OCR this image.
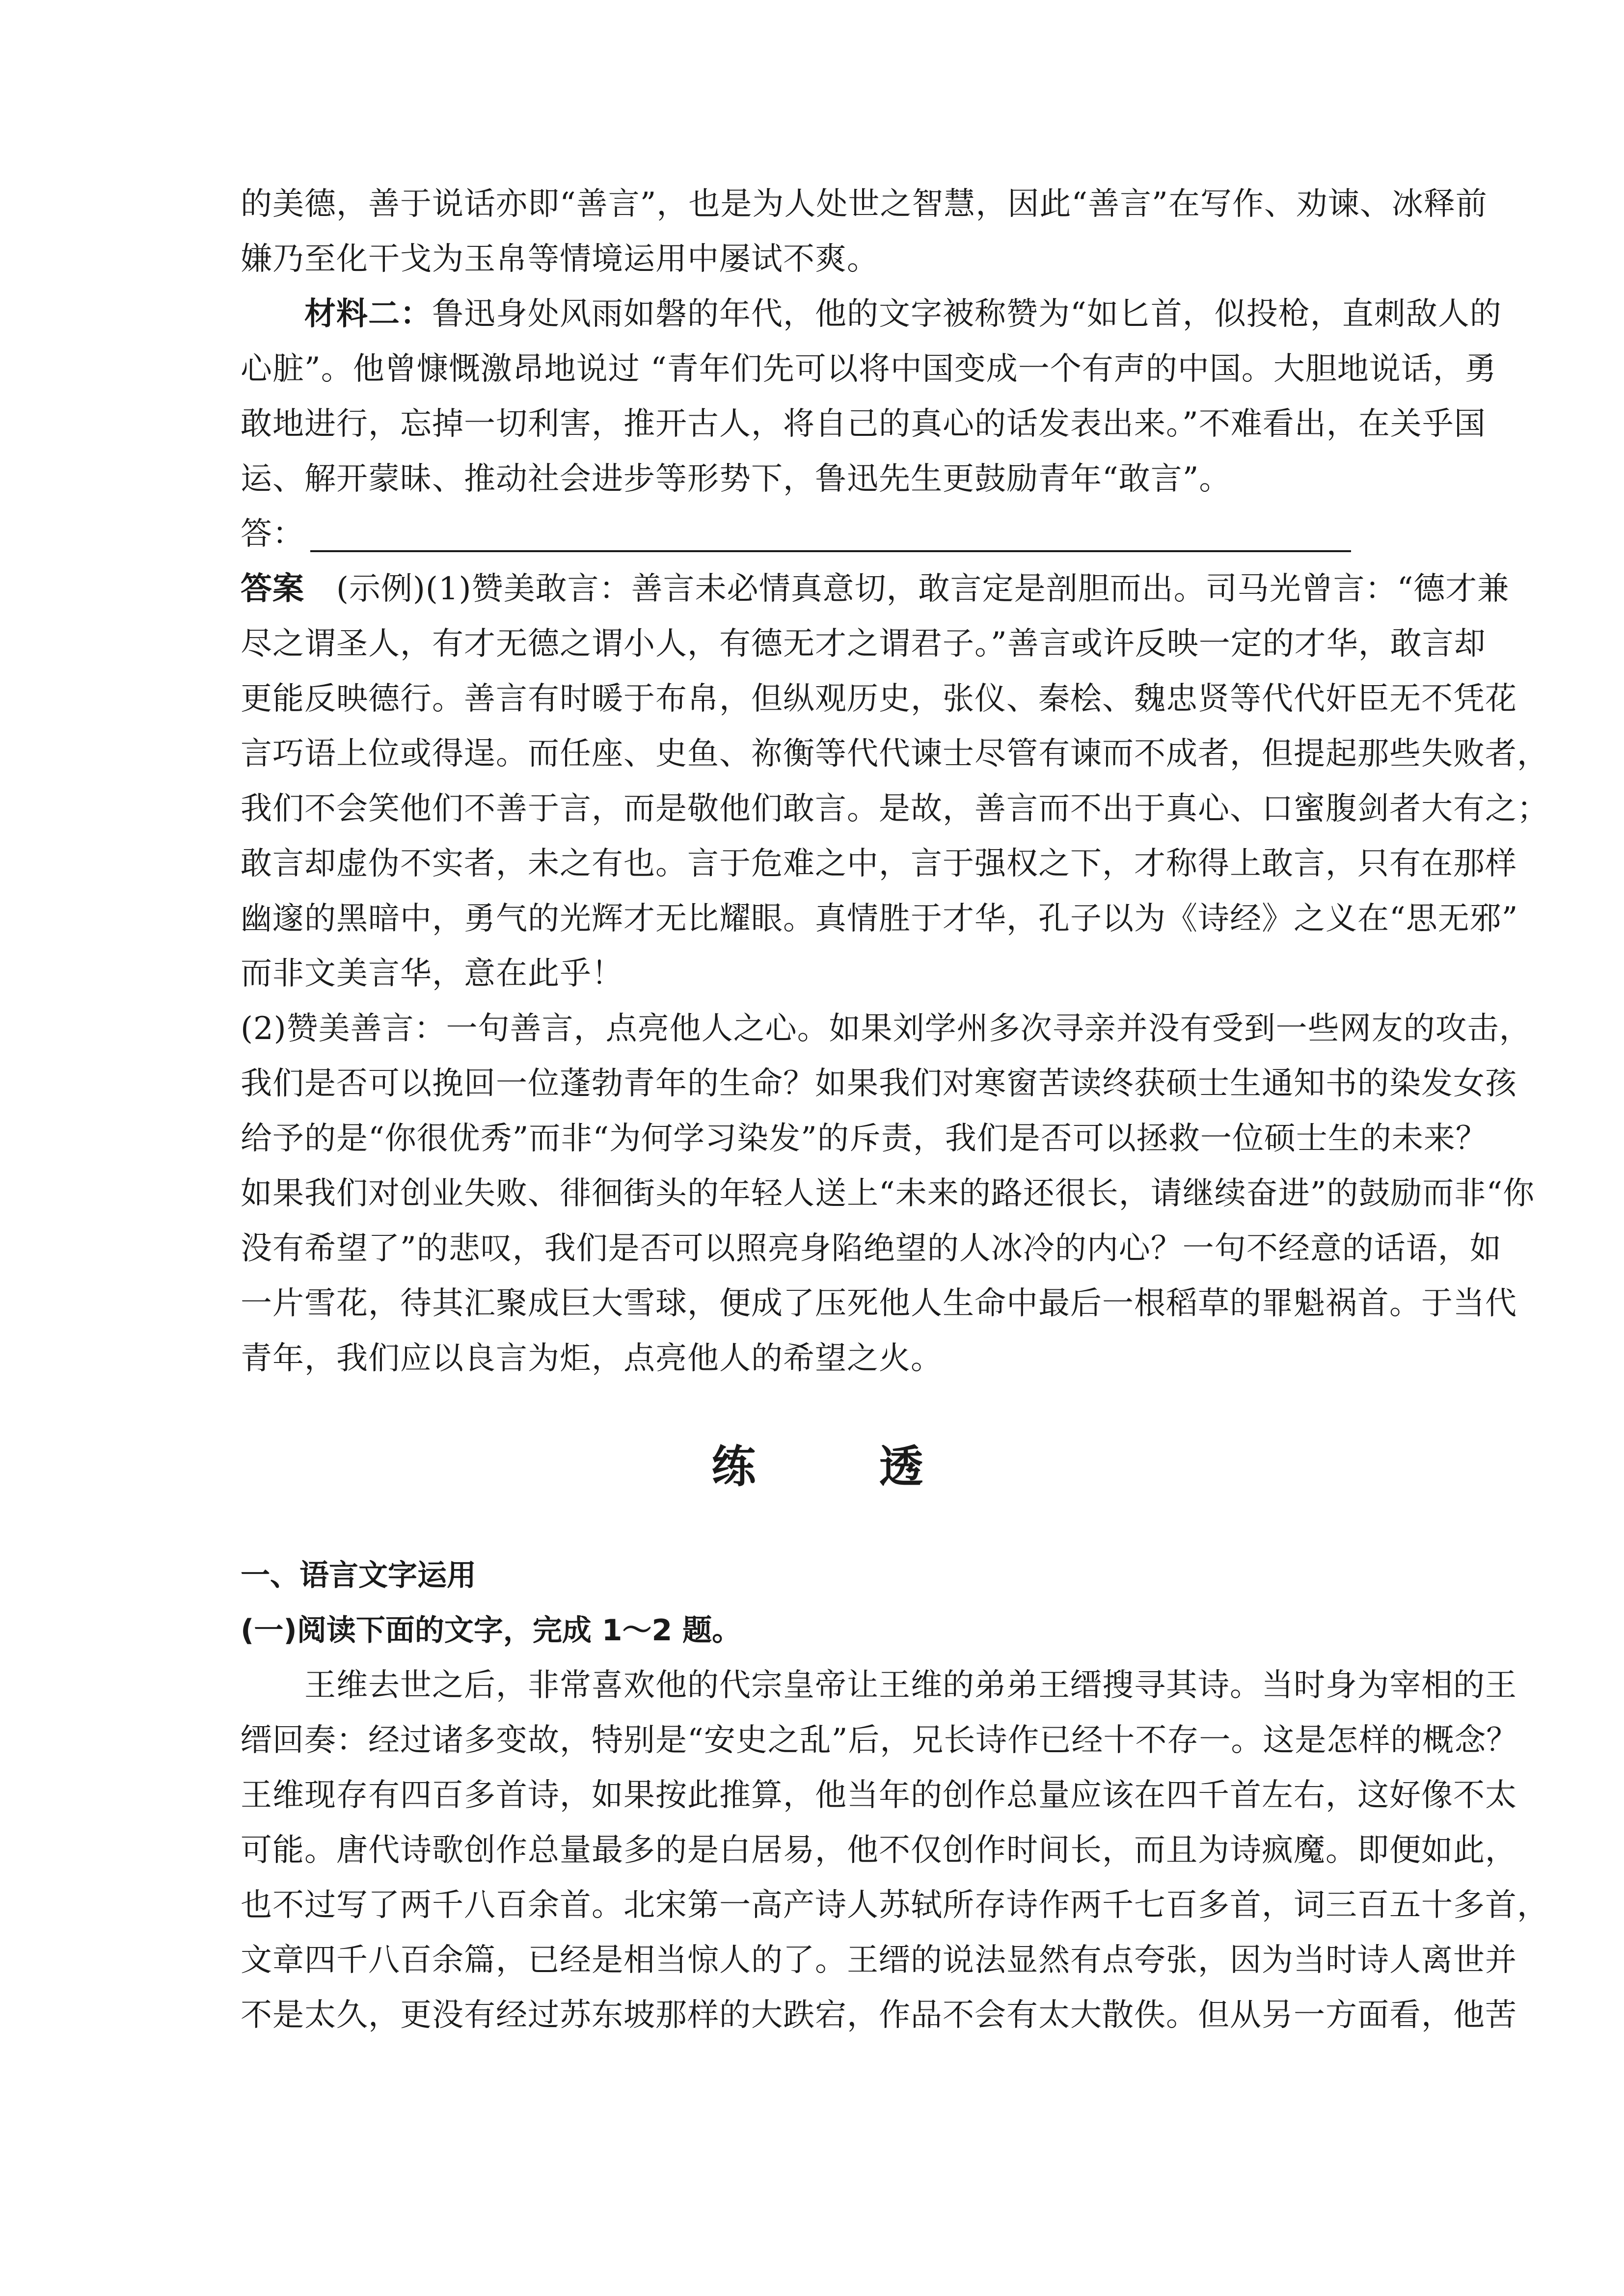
的美德，善于说话亦即“善言”，也是为人处世之智慧，因此“善言”在写作、劝谏、冰释前

嫌乃至化干戈为玉帛等情境运用中屡试不爽。

材料二：鲁迅身处风雨如磐的年代，他的文字被称赞为“如匕首，似投枪，直刺敌人的

心脏”。他曾慷慨激昂地说过 “青年们先可以将中国变成一个有声的中国。大胆地说话，勇

敢地进行，忘掉一切利害，推开古人，将自己的真心的话发表出来。”不难看出，在关乎国

运、解开蒙昧、推动社会进步等形势下，鲁迅先生更鼓励青年“敢言”。

答：

答案　(示例)(1)赞美敢言：善言未必情真意切，敢言定是剖胆而出。司马光曾言：“德才兼

尽之谓圣人，有才无德之谓小人，有德无才之谓君子。”善言或许反映一定的才华，敢言却

更能反映德行。善言有时暖于布帛，但纵观历史，张仪、秦桧、魏忠贤等代代奸臣无不凭花

言巧语上位或得逞。而任座、史鱼、祢衡等代代谏士尽管有谏而不成者，但提起那些失败者，

我们不会笑他们不善于言，而是敬他们敢言。是故，善言而不出于真心、口蜜腹剑者大有之；

敢言却虚伪不实者，未之有也。言于危难之中，言于强权之下，才称得上敢言，只有在那样

幽邃的黑暗中，勇气的光辉才无比耀眼。真情胜于才华，孔子以为《诗经》之义在“思无邪”

而非文美言华，意在此乎！

(2)赞美善言：一句善言，点亮他人之心。如果刘学州多次寻亲并没有受到一些网友的攻击，

我们是否可以挽回一位蓬勃青年的生命？如果我们对寒窗苦读终获硕士生通知书的染发女孩

给予的是“你很优秀”而非“为何学习染发”的斥责，我们是否可以拯救一位硕士生的未来？

如果我们对创业失败、徘徊街头的年轻人送上“未来的路还很长，请继续奋进”的鼓励而非“你

没有希望了”的悲叹，我们是否可以照亮身陷绝望的人冰冷的内心？一句不经意的话语，如

一片雪花，待其汇聚成巨大雪球，便成了压死他人生命中最后一根稻草的罪魁祸首。于当代

青年，我们应以良言为炬，点亮他人的希望之火。

练 透

一、语言文字运用

(一)阅读下面的文字，完成 1～2 题。

王维去世之后，非常喜欢他的代宗皇帝让王维的弟弟王缙搜寻其诗。当时身为宰相的王

缙回奏：经过诸多变故，特别是“安史之乱”后，兄长诗作已经十不存一。这是怎样的概念？

王维现存有四百多首诗，如果按此推算，他当年的创作总量应该在四千首左右，这好像不太

可能。唐代诗歌创作总量最多的是白居易，他不仅创作时间长，而且为诗疯魔。即便如此，

也不过写了两千八百余首。北宋第一高产诗人苏轼所存诗作两千七百多首，词三百五十多首，

文章四千八百余篇，已经是相当惊人的了。王缙的说法显然有点夸张，因为当时诗人离世并

不是太久，更没有经过苏东坡那样的大跌宕，作品不会有太大散佚。但从另一方面看，他苦
